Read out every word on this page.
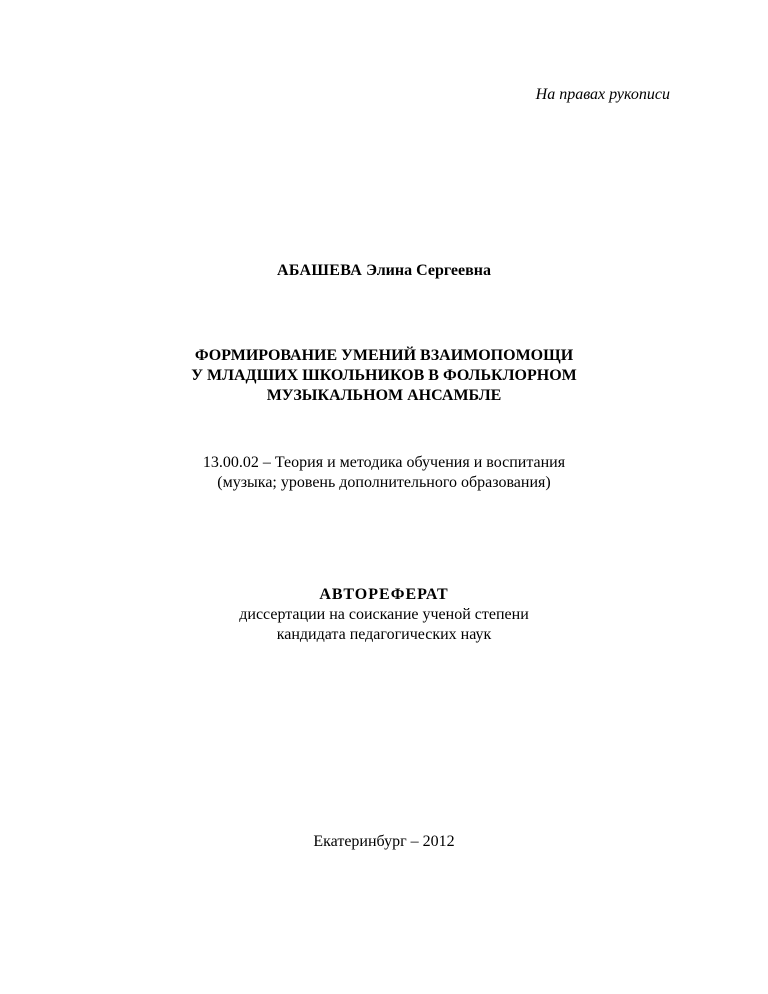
На правах рукописи
АБАШЕВА Элина Сергеевна
ФОРМИРОВАНИЕ УМЕНИЙ ВЗАИМОПОМОЩИ
У МЛАДШИХ ШКОЛЬНИКОВ В ФОЛЬКЛОРНОМ
МУЗЫКАЛЬНОМ АНСАМБЛЕ
13.00.02 – Теория и методика обучения и воспитания
(музыка; уровень дополнительного образования)
АВТОРЕФЕРАТ
диссертации на соискание ученой степени
кандидата педагогических наук
Екатеринбург – 2012
